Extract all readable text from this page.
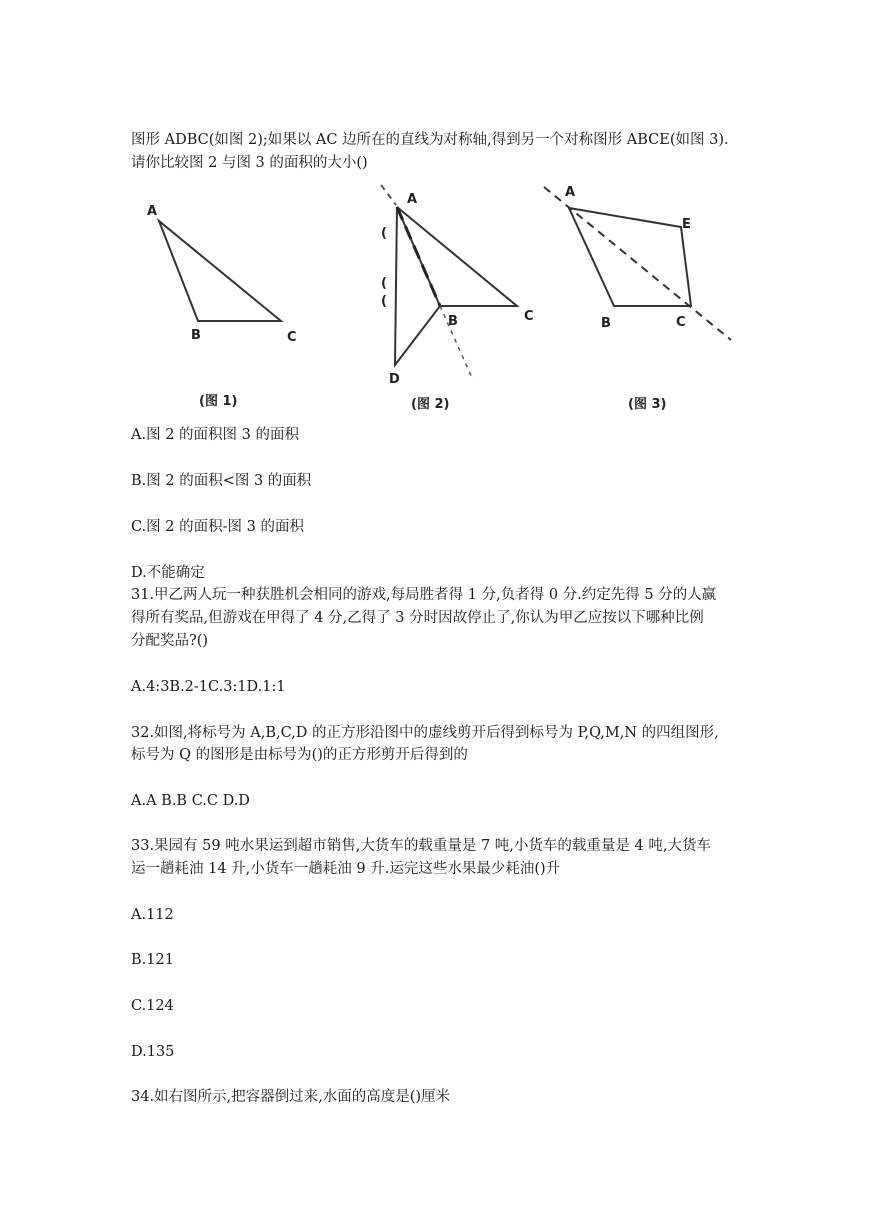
图形 ADBC(如图 2);如果以 AC 边所在的直线为对称轴,得到另一个对称图形 ABCE(如图 3).
请你比较图 2 与图 3 的面积的大小()
A
B	C
(图 1)
(
(
(
A
B	C
D
(图 2)
A
E
B	C
(图 3)
A.图 2 的面积图 3 的面积
B.图 2 的面积<图 3 的面积
C.图 2 的面积-图 3 的面积
D.不能确定
31.甲乙两人玩一种获胜机会相同的游戏,每局胜者得 1 分,负者得 0 分.约定先得 5 分的人赢
得所有奖品,但游戏在甲得了 4 分,乙得了 3 分时因故停止了,你认为甲乙应按以下哪种比例
分配奖品?()
A.4:3B.2-1C.3:1D.1:1
32.如图,将标号为 A,B,C,D 的正方形沿图中的虚线剪开后得到标号为 P,Q,M,N 的四组图形,
标号为 Q 的图形是由标号为()的正方形剪开后得到的
A.A B.B C.C D.D
33.果园有 59 吨水果运到超市销售,大货车的载重量是 7 吨,小货车的载重量是 4 吨,大货车
运一趟耗油 14 升,小货车一趟耗油 9 升.运完这些水果最少耗油()升
A.112
B.121
C.124
D.135
34.如右图所示,把容器倒过来,水面的高度是()厘米
